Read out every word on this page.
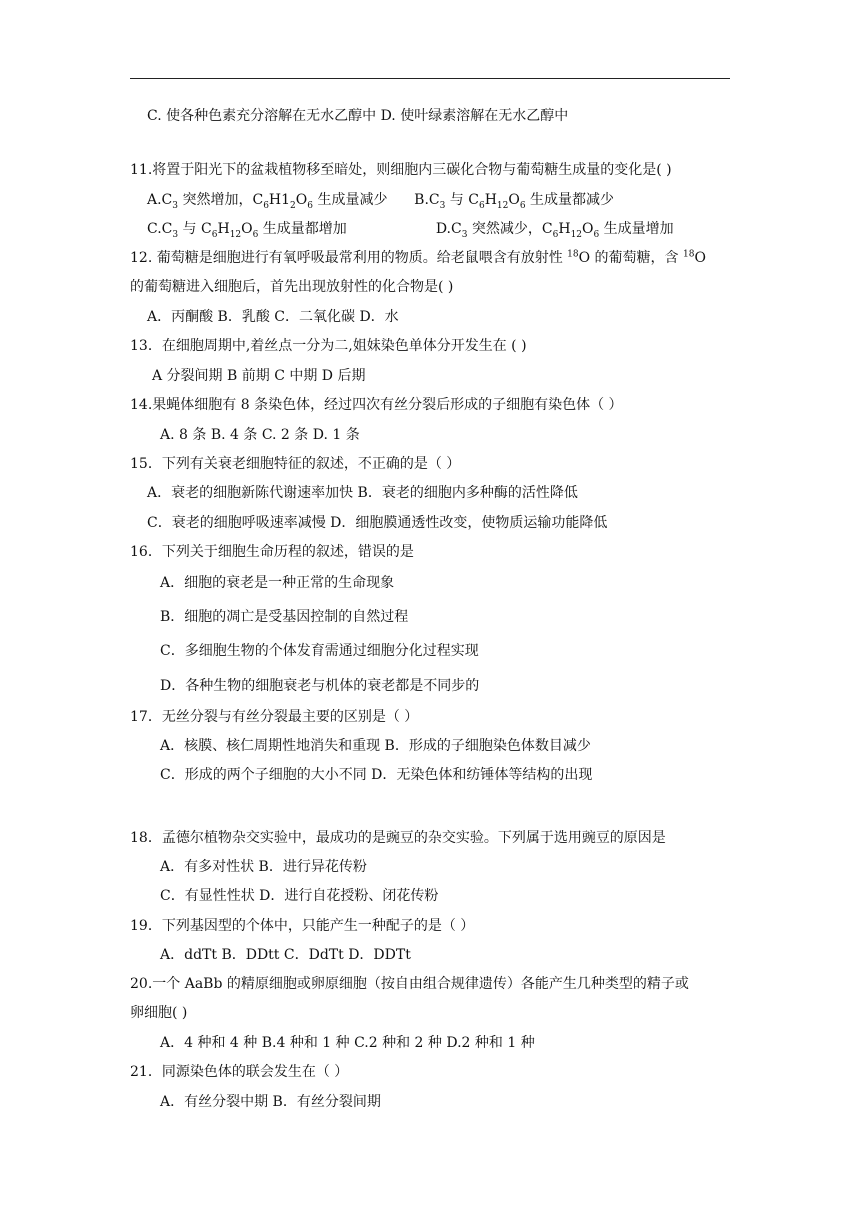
C. 使各种色素充分溶解在无水乙醇中 D. 使叶绿素溶解在无水乙醇中
11.将置于阳光下的盆栽植物移至暗处，则细胞内三碳化合物与葡萄糖生成量的变化是( )
$A.C_3$ 突然增加，$C_6H1_2O_6$ 生成量减少      $B.C_3$ 与 $C_6H_{12}O_6$ 生成量都减少
$C.C_3$ 与 $C_6H_{12}O_6$ 生成量都增加                    $D.C_3$ 突然减少，$C_6H_{12}O_6$ 生成量增加
12. 葡萄糖是细胞进行有氧呼吸最常利用的物质。给老鼠喂含有放射性 $^{18}$O 的葡萄糖，含 $^{18}$O
的葡萄糖进入细胞后，首先出现放射性的化合物是( )
A．丙酮酸 B．乳酸 C．二氧化碳 D．水
13．在细胞周期中,着丝点一分为二,姐妹染色单体分开发生在 ( )
A 分裂间期 B 前期 C 中期 D 后期
14.果蝇体细胞有 8 条染色体，经过四次有丝分裂后形成的子细胞有染色体（ ）
A. 8 条 B. 4 条 C. 2 条 D. 1 条
15．下列有关衰老细胞特征的叙述，不正确的是（ ）
A．衰老的细胞新陈代谢速率加快 B．衰老的细胞内多种酶的活性降低
C．衰老的细胞呼吸速率减慢 D．细胞膜通透性改变，使物质运输功能降低
16．下列关于细胞生命历程的叙述，错误的是
A．细胞的衰老是一种正常的生命现象
B．细胞的凋亡是受基因控制的自然过程
C．多细胞生物的个体发育需通过细胞分化过程实现
D．各种生物的细胞衰老与机体的衰老都是不同步的
17．无丝分裂与有丝分裂最主要的区别是（ ）
A．核膜、核仁周期性地消失和重现 B．形成的子细胞染色体数目减少
C．形成的两个子细胞的大小不同 D．无染色体和纺锤体等结构的出现
18．孟德尔植物杂交实验中，最成功的是豌豆的杂交实验。下列属于选用豌豆的原因是
A．有多对性状 B．进行异花传粉
C．有显性性状 D．进行自花授粉、闭花传粉
19．下列基因型的个体中，只能产生一种配子的是（ ）
A．ddTt B．DDtt C．DdTt D．DDTt
20.一个 AaBb 的精原细胞或卵原细胞（按自由组合规律遗传）各能产生几种类型的精子或
卵细胞( )
A．4 种和 4 种 B.4 种和 1 种 C.2 种和 2 种 D.2 种和 1 种
21．同源染色体的联会发生在（ ）
A．有丝分裂中期 B．有丝分裂间期
